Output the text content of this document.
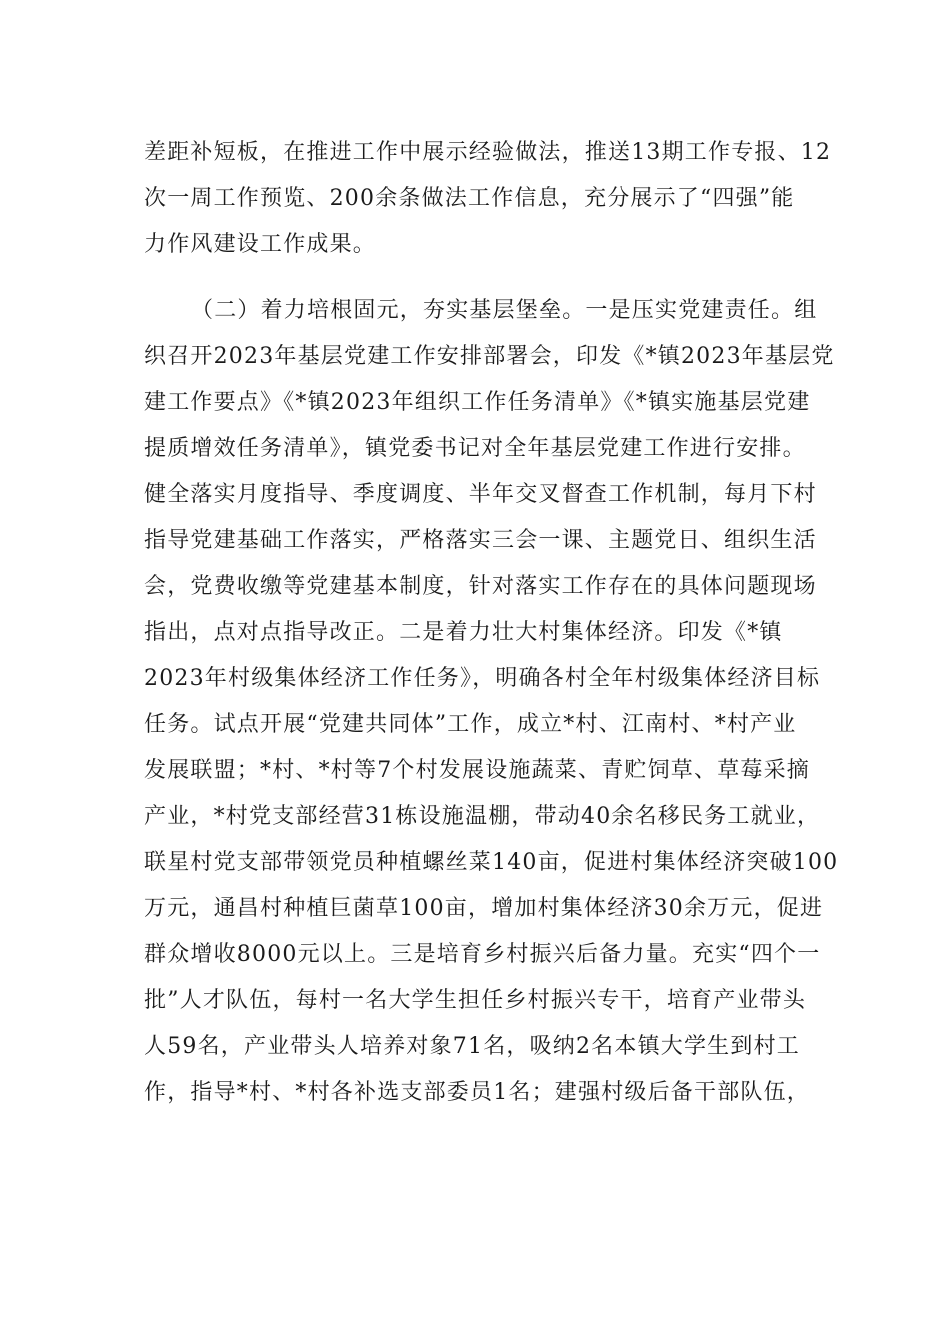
差距补短板，在推进工作中展示经验做法，推送13期工作专报、12
次一周工作预览、200余条做法工作信息，充分展示了“四强”能
力作风建设工作成果。
（二）着力培根固元，夯实基层堡垒。一是压实党建责任。组
织召开2023年基层党建工作安排部署会，印发《*镇2023年基层党
建工作要点》《*镇2023年组织工作任务清单》《*镇实施基层党建
提质增效任务清单》，镇党委书记对全年基层党建工作进行安排。
健全落实月度指导、季度调度、半年交叉督查工作机制，每月下村
指导党建基础工作落实，严格落实三会一课、主题党日、组织生活
会，党费收缴等党建基本制度，针对落实工作存在的具体问题现场
指出，点对点指导改正。二是着力壮大村集体经济。印发《*镇
2023年村级集体经济工作任务》，明确各村全年村级集体经济目标
任务。试点开展“党建共同体”工作，成立*村、江南村、*村产业
发展联盟；*村、*村等7个村发展设施蔬菜、青贮饲草、草莓采摘
产业，*村党支部经营31栋设施温棚，带动40余名移民务工就业，
联星村党支部带领党员种植螺丝菜140亩，促进村集体经济突破100
万元，通昌村种植巨菌草100亩，增加村集体经济30余万元，促进
群众增收8000元以上。三是培育乡村振兴后备力量。充实“四个一
批”人才队伍，每村一名大学生担任乡村振兴专干，培育产业带头
人59名，产业带头人培养对象71名，吸纳2名本镇大学生到村工
作，指导*村、*村各补选支部委员1名；建强村级后备干部队伍，
